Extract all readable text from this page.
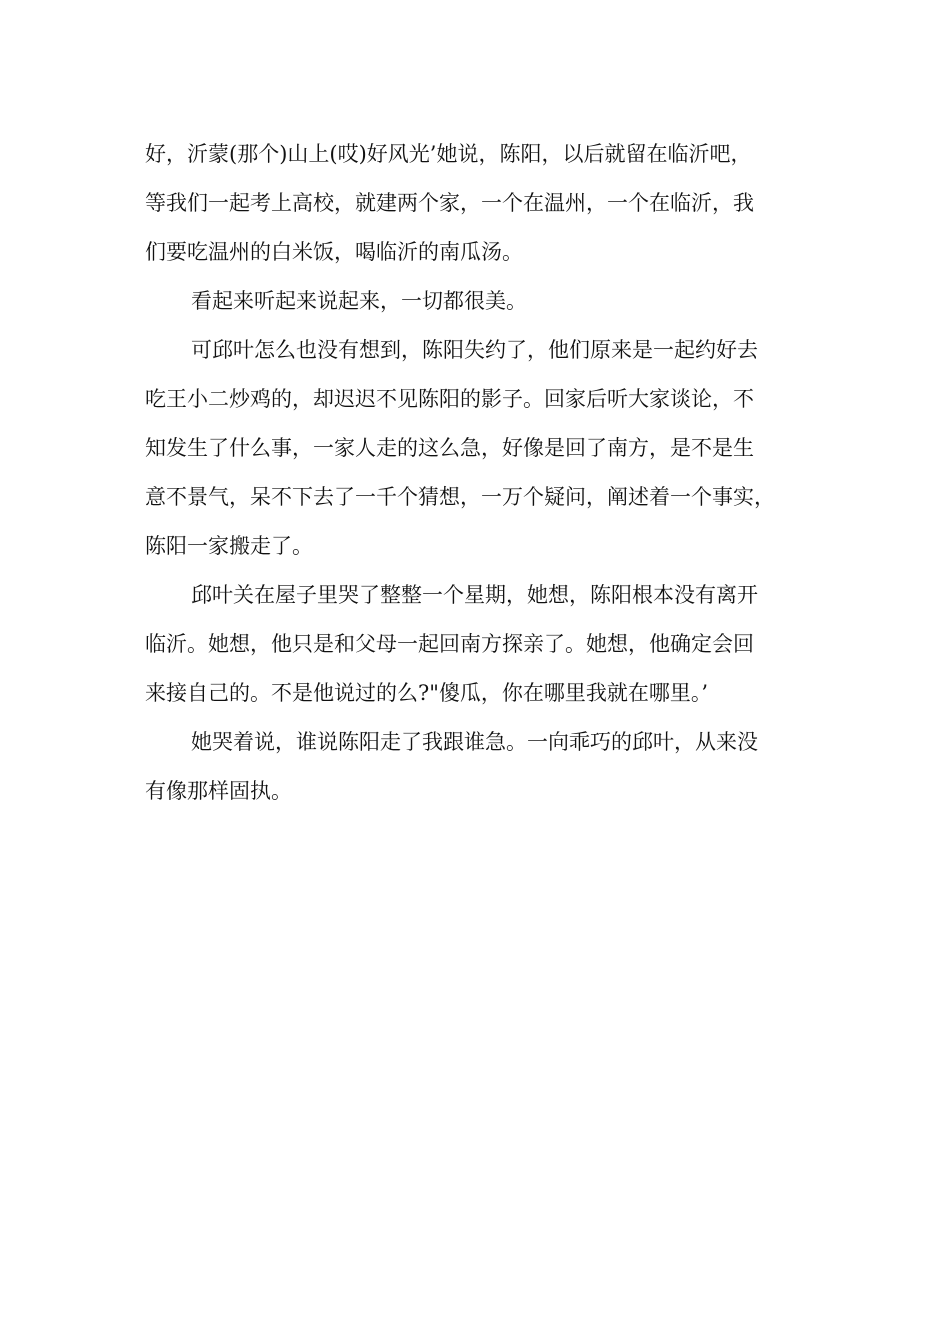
好，沂蒙(那个)山上(哎)好风光’她说，陈阳，以后就留在临沂吧，
等我们一起考上高校，就建两个家，一个在温州，一个在临沂，我
们要吃温州的白米饭，喝临沂的南瓜汤。

看起来听起来说起来，一切都很美。

可邱叶怎么也没有想到，陈阳失约了，他们原来是一起约好去
吃王小二炒鸡的，却迟迟不见陈阳的影子。回家后听大家谈论，不
知发生了什么事，一家人走的这么急，好像是回了南方，是不是生
意不景气，呆不下去了一千个猜想，一万个疑问，阐述着一个事实，
陈阳一家搬走了。

邱叶关在屋子里哭了整整一个星期，她想，陈阳根本没有离开
临沂。她想，他只是和父母一起回南方探亲了。她想，他确定会回
来接自己的。不是他说过的么?"傻瓜，你在哪里我就在哪里。’

她哭着说，谁说陈阳走了我跟谁急。一向乖巧的邱叶，从来没
有像那样固执。
